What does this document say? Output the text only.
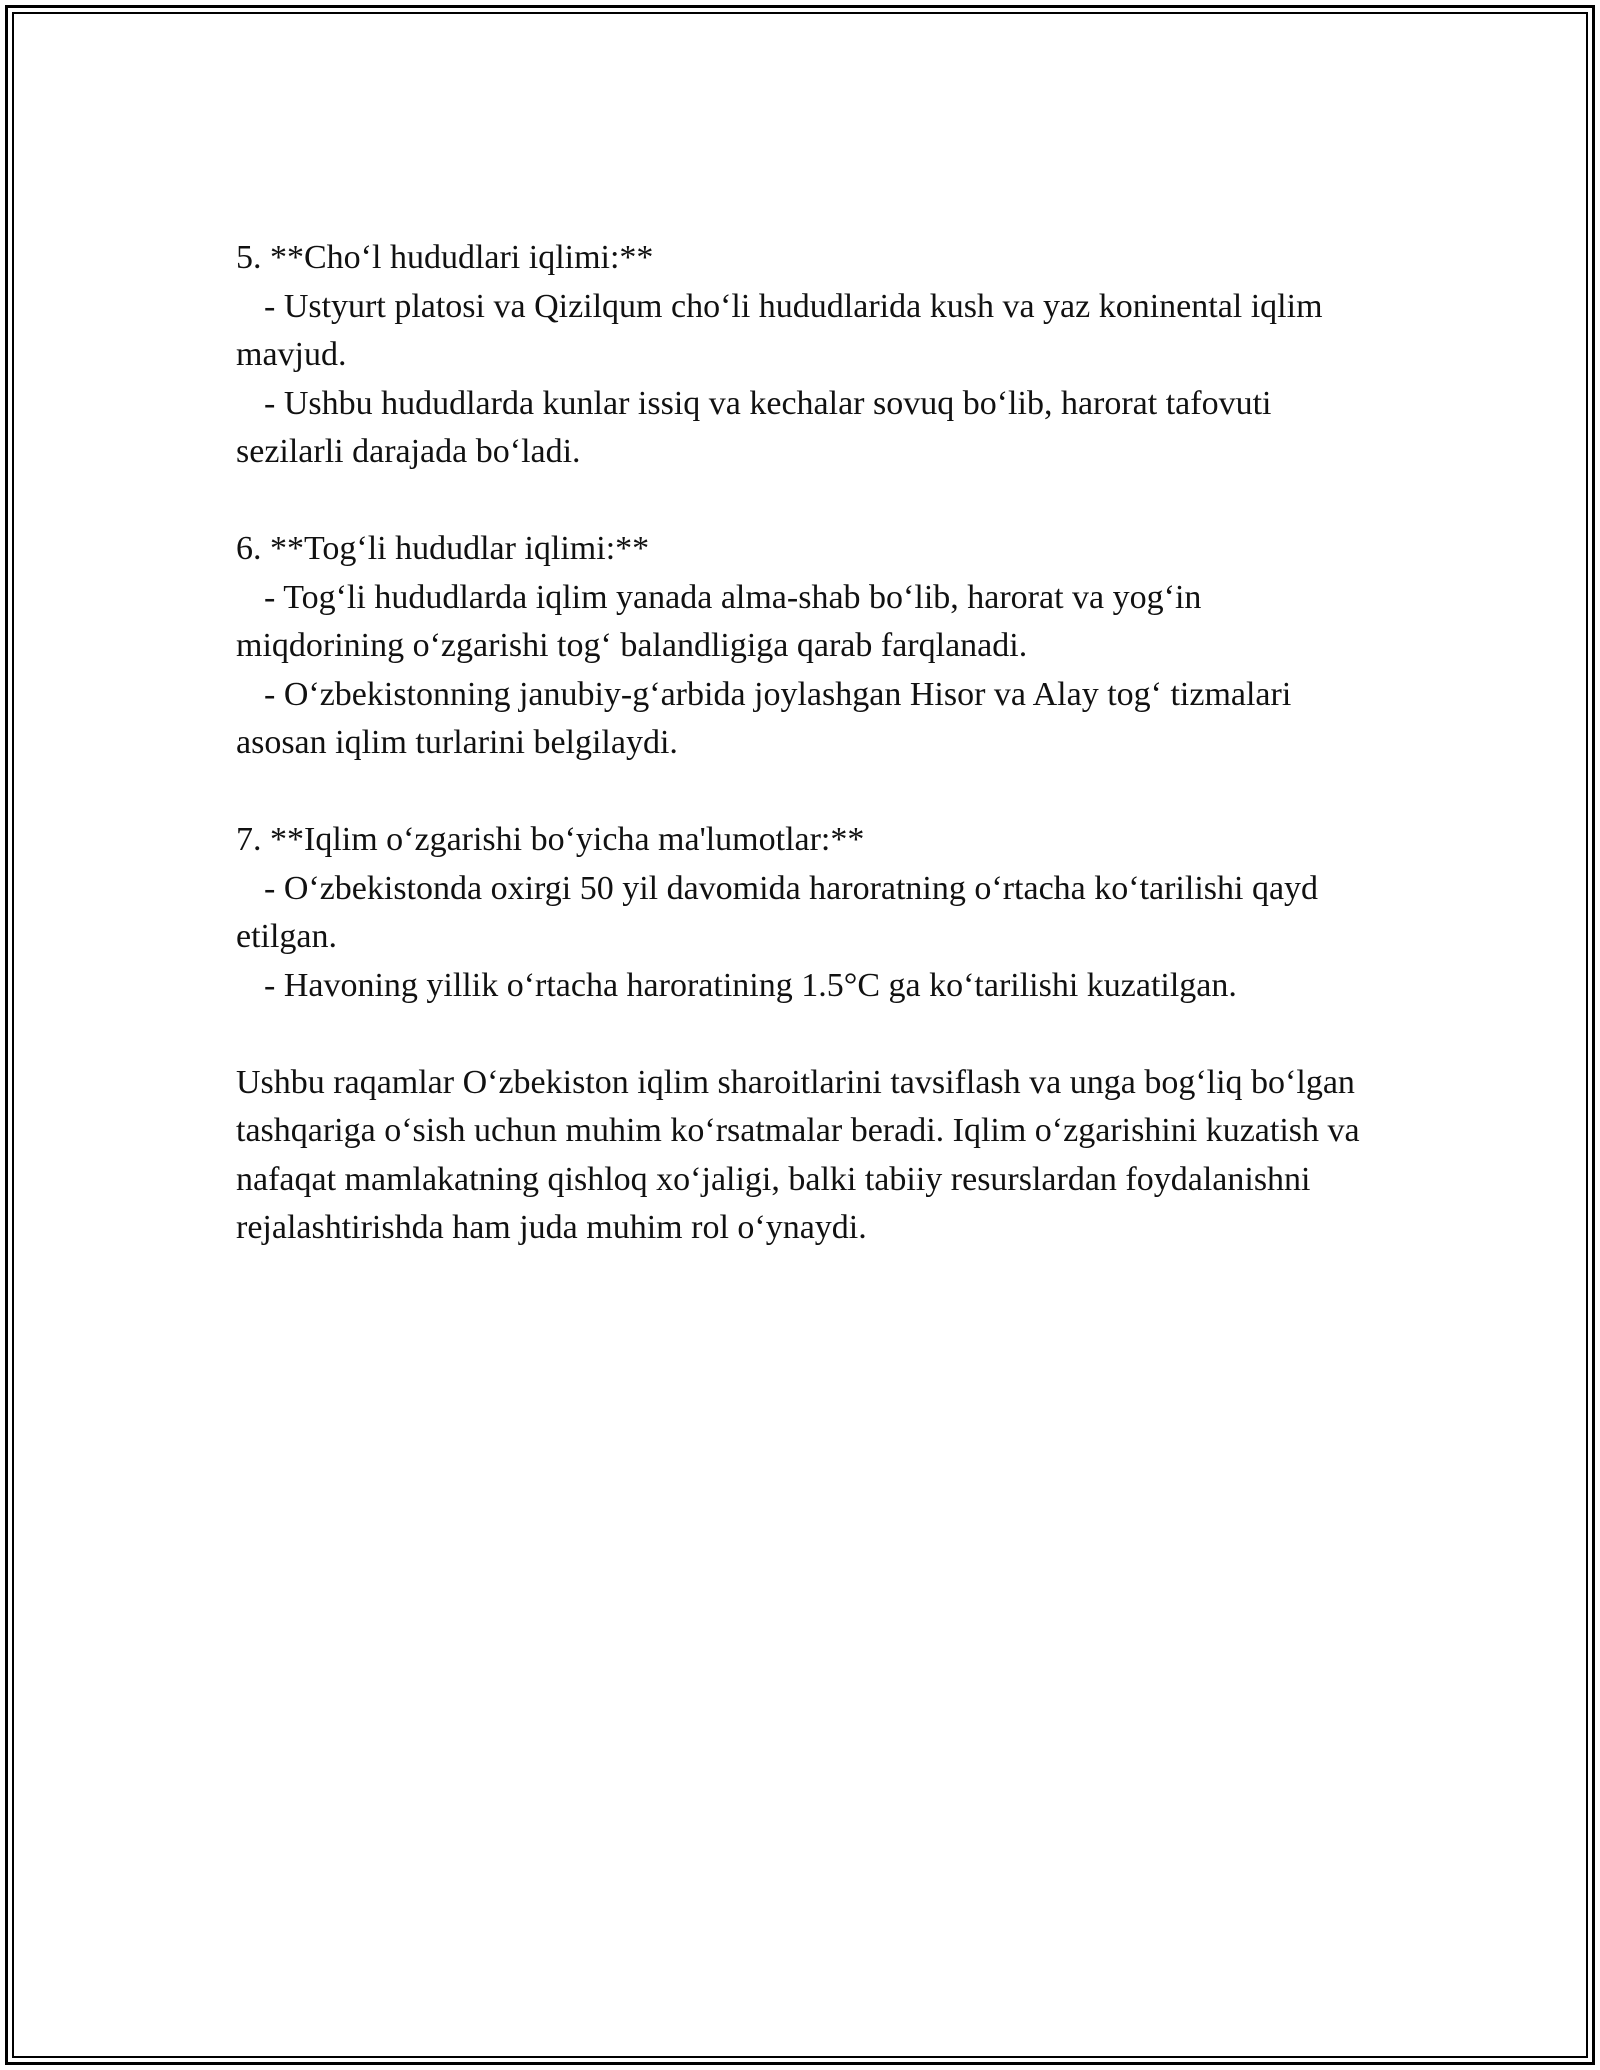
5. **Cho‘l hududlari iqlimi:**
- Ustyurt platosi va Qizilqum cho‘li hududlarida kush va yaz koninental iqlim mavjud.
- Ushbu hududlarda kunlar issiq va kechalar sovuq bo‘lib, harorat tafovuti sezilarli darajada bo‘ladi.
6. **Tog‘li hududlar iqlimi:**
- Tog‘li hududlarda iqlim yanada alma-shab bo‘lib, harorat va yog‘in miqdorining o‘zgarishi tog‘ balandligiga qarab farqlanadi.
- O‘zbekistonning janubiy-g‘arbida joylashgan Hisor va Alay tog‘ tizmalari asosan iqlim turlarini belgilaydi.
7. **Iqlim o‘zgarishi bo‘yicha ma'lumotlar:**
- O‘zbekistonda oxirgi 50 yil davomida haroratning o‘rtacha ko‘tarilishi qayd etilgan.
- Havoning yillik o‘rtacha haroratining 1.5°C ga ko‘tarilishi kuzatilgan.

Ushbu raqamlar O‘zbekiston iqlim sharoitlarini tavsiflash va unga bog‘liq bo‘lgan tashqariga o‘sish uchun muhim ko‘rsatmalar beradi. Iqlim o‘zgarishini kuzatish va nafaqat mamlakatning qishloq xo‘jaligi, balki tabiiy resurslardan foydalanishni rejalashtirishda ham juda muhim rol o‘ynaydi.
